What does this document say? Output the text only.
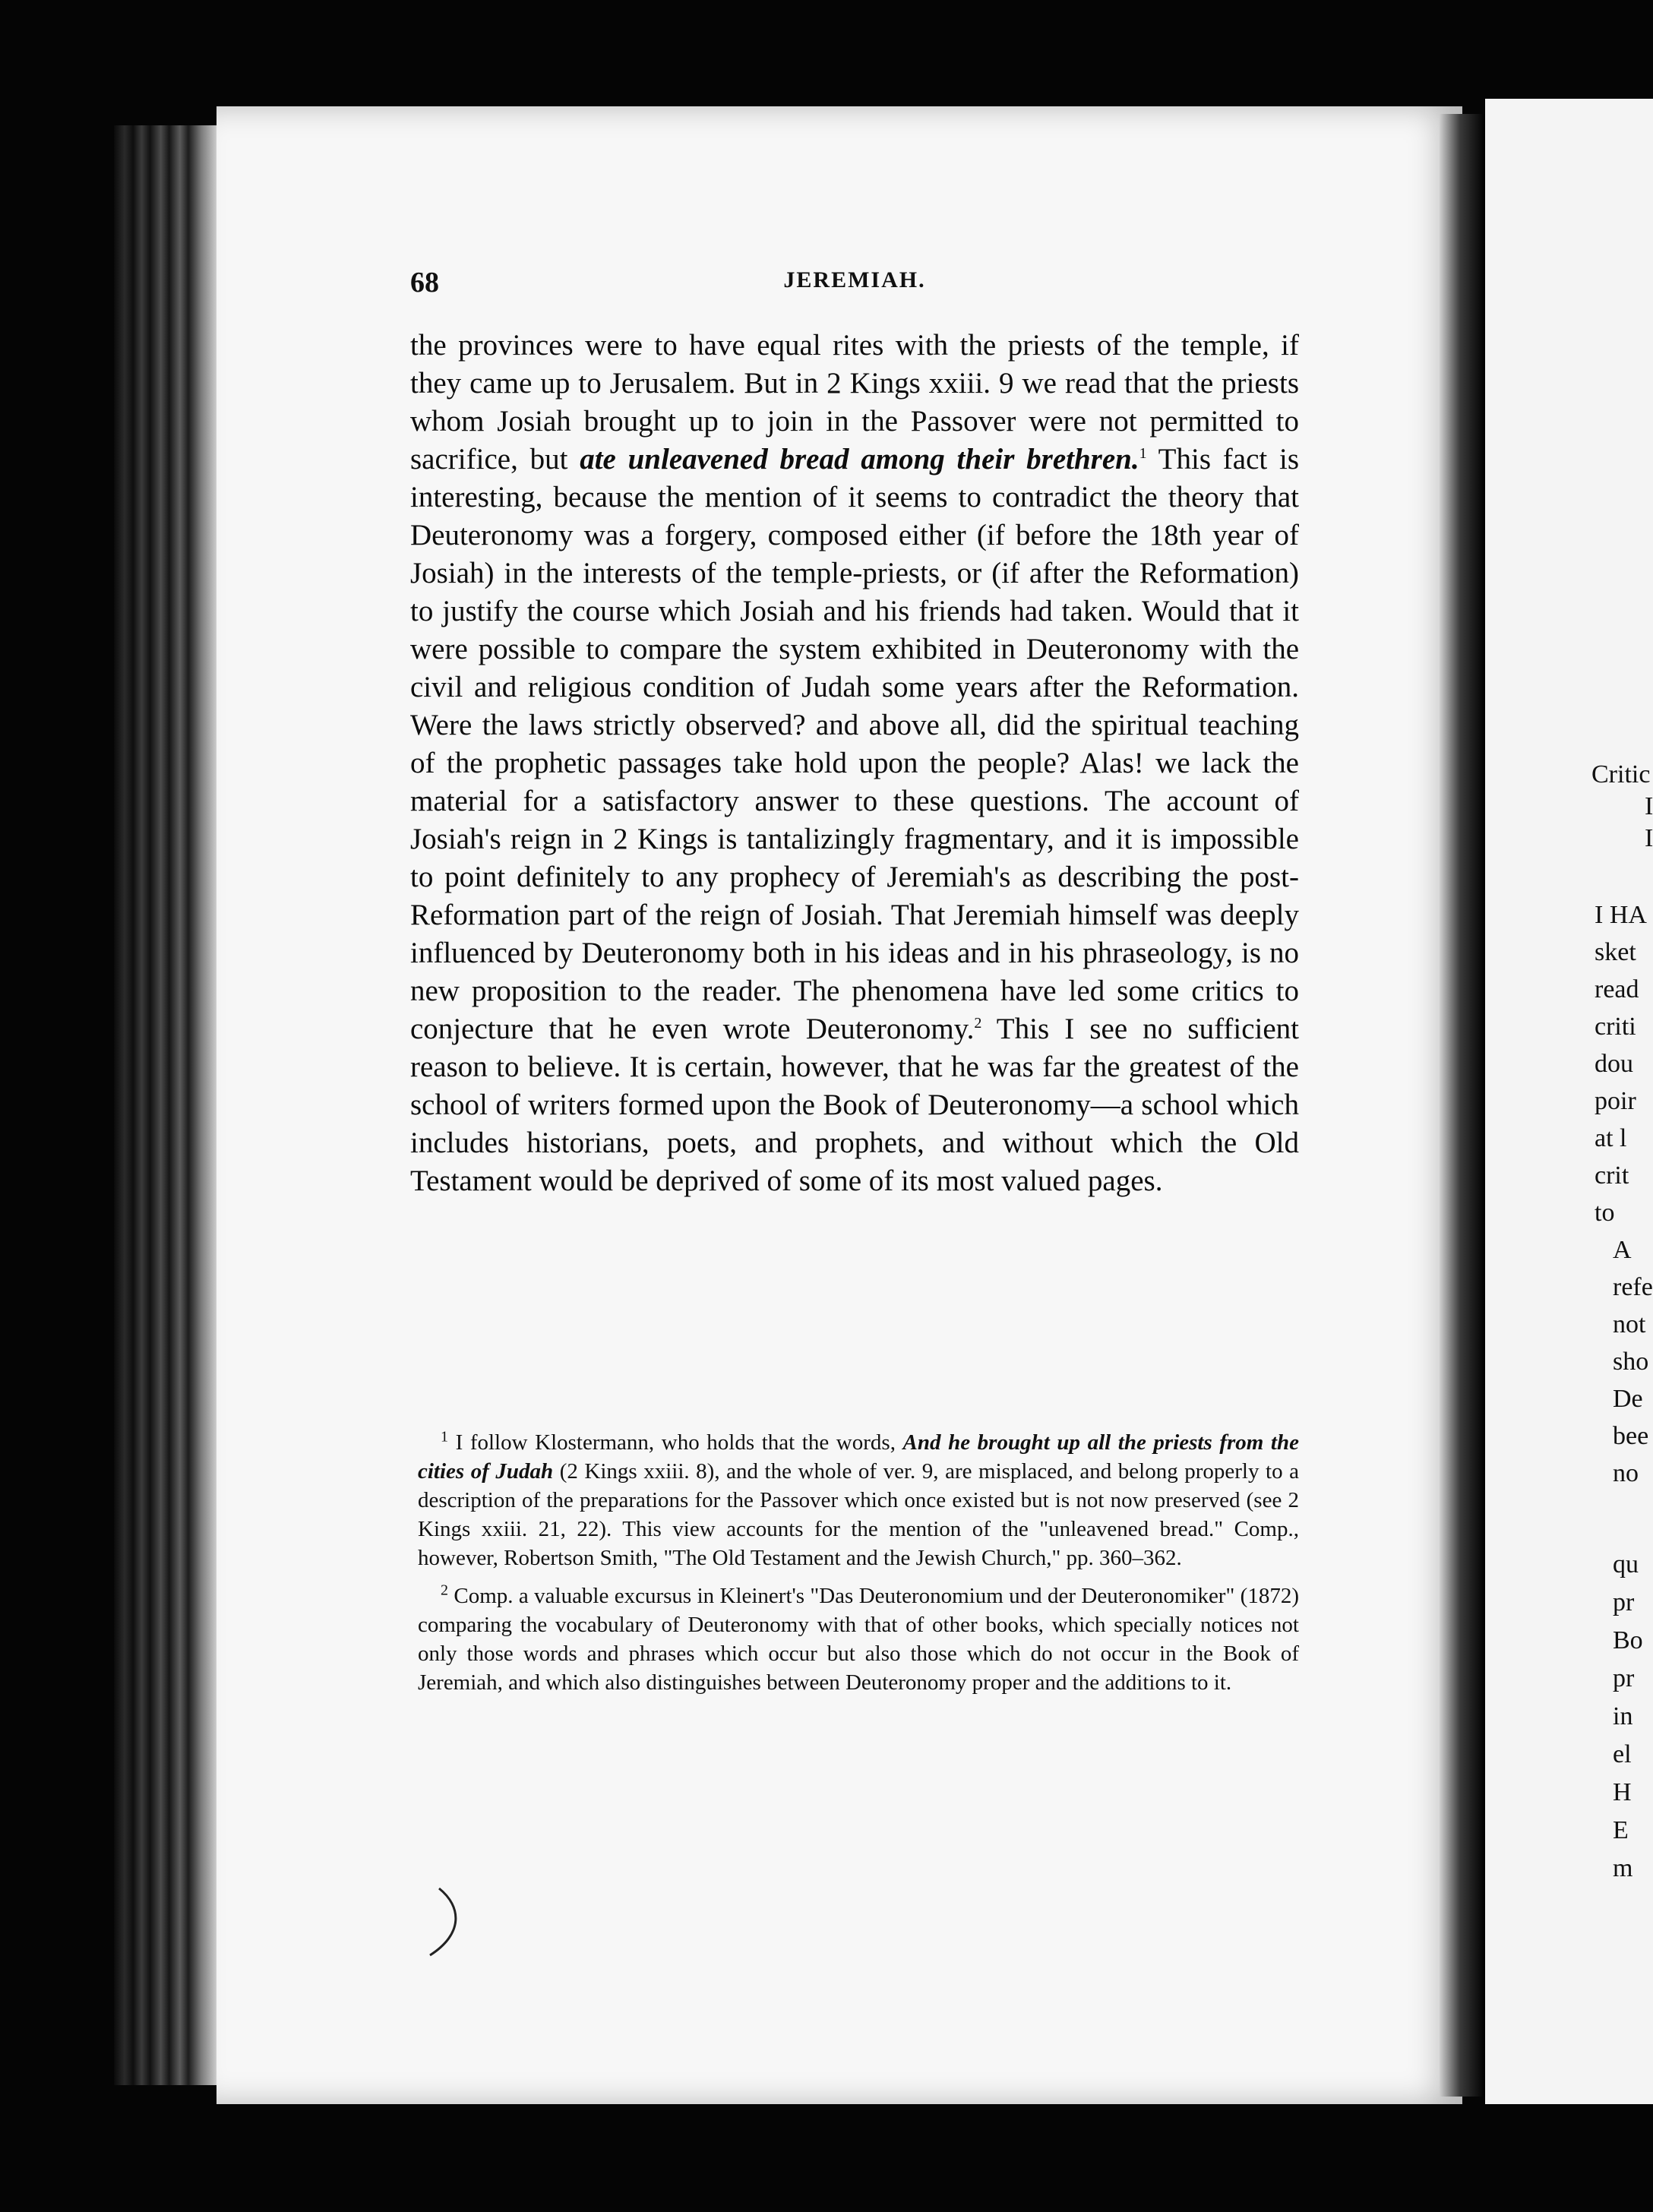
68	JEREMIAH.

the provinces were to have equal rites with the priests of the temple, if they came up to Jerusalem. But in 2 Kings xxiii. 9 we read that the priests whom Josiah brought up to join in the Passover were not permitted to sacrifice, but ate unleavened bread among their brethren.$^1$ This fact is interesting, because the mention of it seems to contradict the theory that Deuteronomy was a forgery, composed either (if before the 18th year of Josiah) in the interests of the temple-priests, or (if after the Reformation) to justify the course which Josiah and his friends had taken. Would that it were possible to compare the system exhibited in Deuteronomy with the civil and religious condition of Judah some years after the Reformation. Were the laws strictly observed? and above all, did the spiritual teaching of the prophetic passages take hold upon the people? Alas! we lack the material for a satisfactory answer to these questions. The account of Josiah's reign in 2 Kings is tantalizingly fragmentary, and it is impossible to point definitely to any prophecy of Jeremiah's as describing the post-Reformation part of the reign of Josiah. That Jeremiah himself was deeply influenced by Deuteronomy both in his ideas and in his phraseology, is no new proposition to the reader. The phenomena have led some critics to conjecture that he even wrote Deuteronomy.$^2$ This I see no sufficient reason to believe. It is certain, however, that he was far the greatest of the school of writers formed upon the Book of Deuteronomy—a school which includes historians, poets, and prophets, and without which the Old Testament would be deprived of some of its most valued pages.

$^1$ I follow Klostermann, who holds that the words, And he brought up all the priests from the cities of Judah (2 Kings xxiii. 8), and the whole of ver. 9, are misplaced, and belong properly to a description of the preparations for the Passover which once existed but is not now preserved (see 2 Kings xxiii. 21, 22). This view accounts for the mention of the "unleavened bread." Comp., however, Robertson Smith, "The Old Testament and the Jewish Church," pp. 360–362.

$^2$ Comp. a valuable excursus in Kleinert's "Das Deuteronomium und der Deuteronomiker" (1872) comparing the vocabulary of Deuteronomy with that of other books, which specially notices not only those words and phrases which occur but also those which do not occur in the Book of Jeremiah, and which also distinguishes between Deuteronomy proper and the additions to it.

Critic
I
I
I HA
sket
read
criti
dou
poir
at l
crit
to
A
refe
not
sho
De
bee
no
qu
pr
Bo
pr
in
el
H
E
m
